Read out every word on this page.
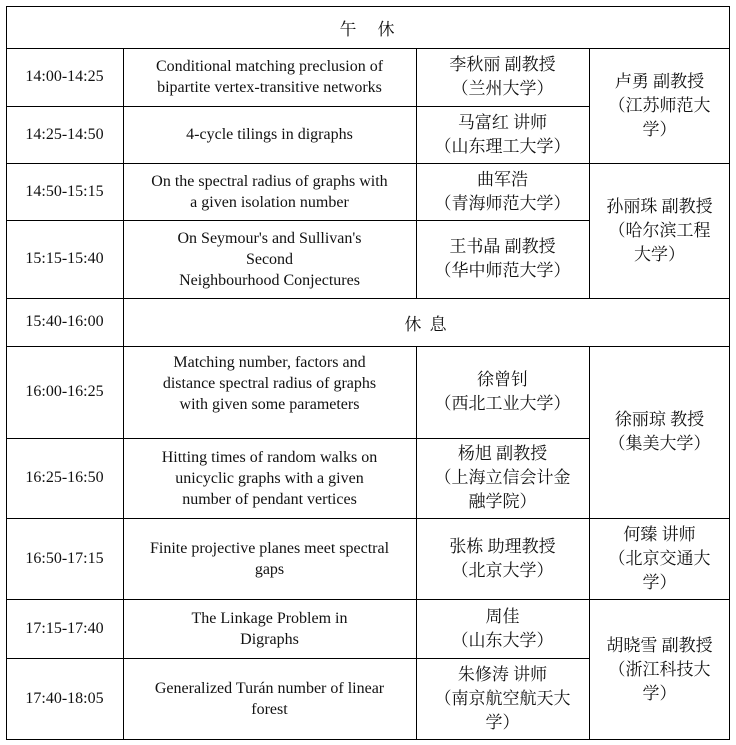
午　休
14:00-14:25
Conditional matching preclusion of
bipartite vertex-transitive networks
李秋丽 副教授
（兰州大学）
14:25-14:50	4-cycle tilings in digraphs
马富红 讲师
（山东理工大学）
卢勇 副教授
（江苏师范大
学）
14:50-15:15
On the spectral radius of graphs with
a given isolation number
曲军浩
（青海师范大学）
15:15-15:40
On Seymour's and Sullivan's
Second
Neighbourhood Conjectures
王书晶 副教授
（华中师范大学）
孙丽珠 副教授
（哈尔滨工程
大学）
15:40-16:00	休 息
16:00-16:25
Matching number, factors and
distance spectral radius of graphs
with given some parameters
徐曾钊
（西北工业大学）
16:25-16:50
Hitting times of random walks on
unicyclic graphs with a given
number of pendant vertices
杨旭 副教授
（上海立信会计金
融学院）
徐丽琼 教授
（集美大学）
16:50-17:15
Finite projective planes meet spectral
gaps
张栋 助理教授
（北京大学）
何臻 讲师
（北京交通大
学）
17:15-17:40
The Linkage Problem in
Digraphs
周佳
（山东大学）
17:40-18:05
Generalized Turán number of linear
forest
朱修涛 讲师
（南京航空航天大
学）
胡晓雪 副教授
（浙江科技大
学）
